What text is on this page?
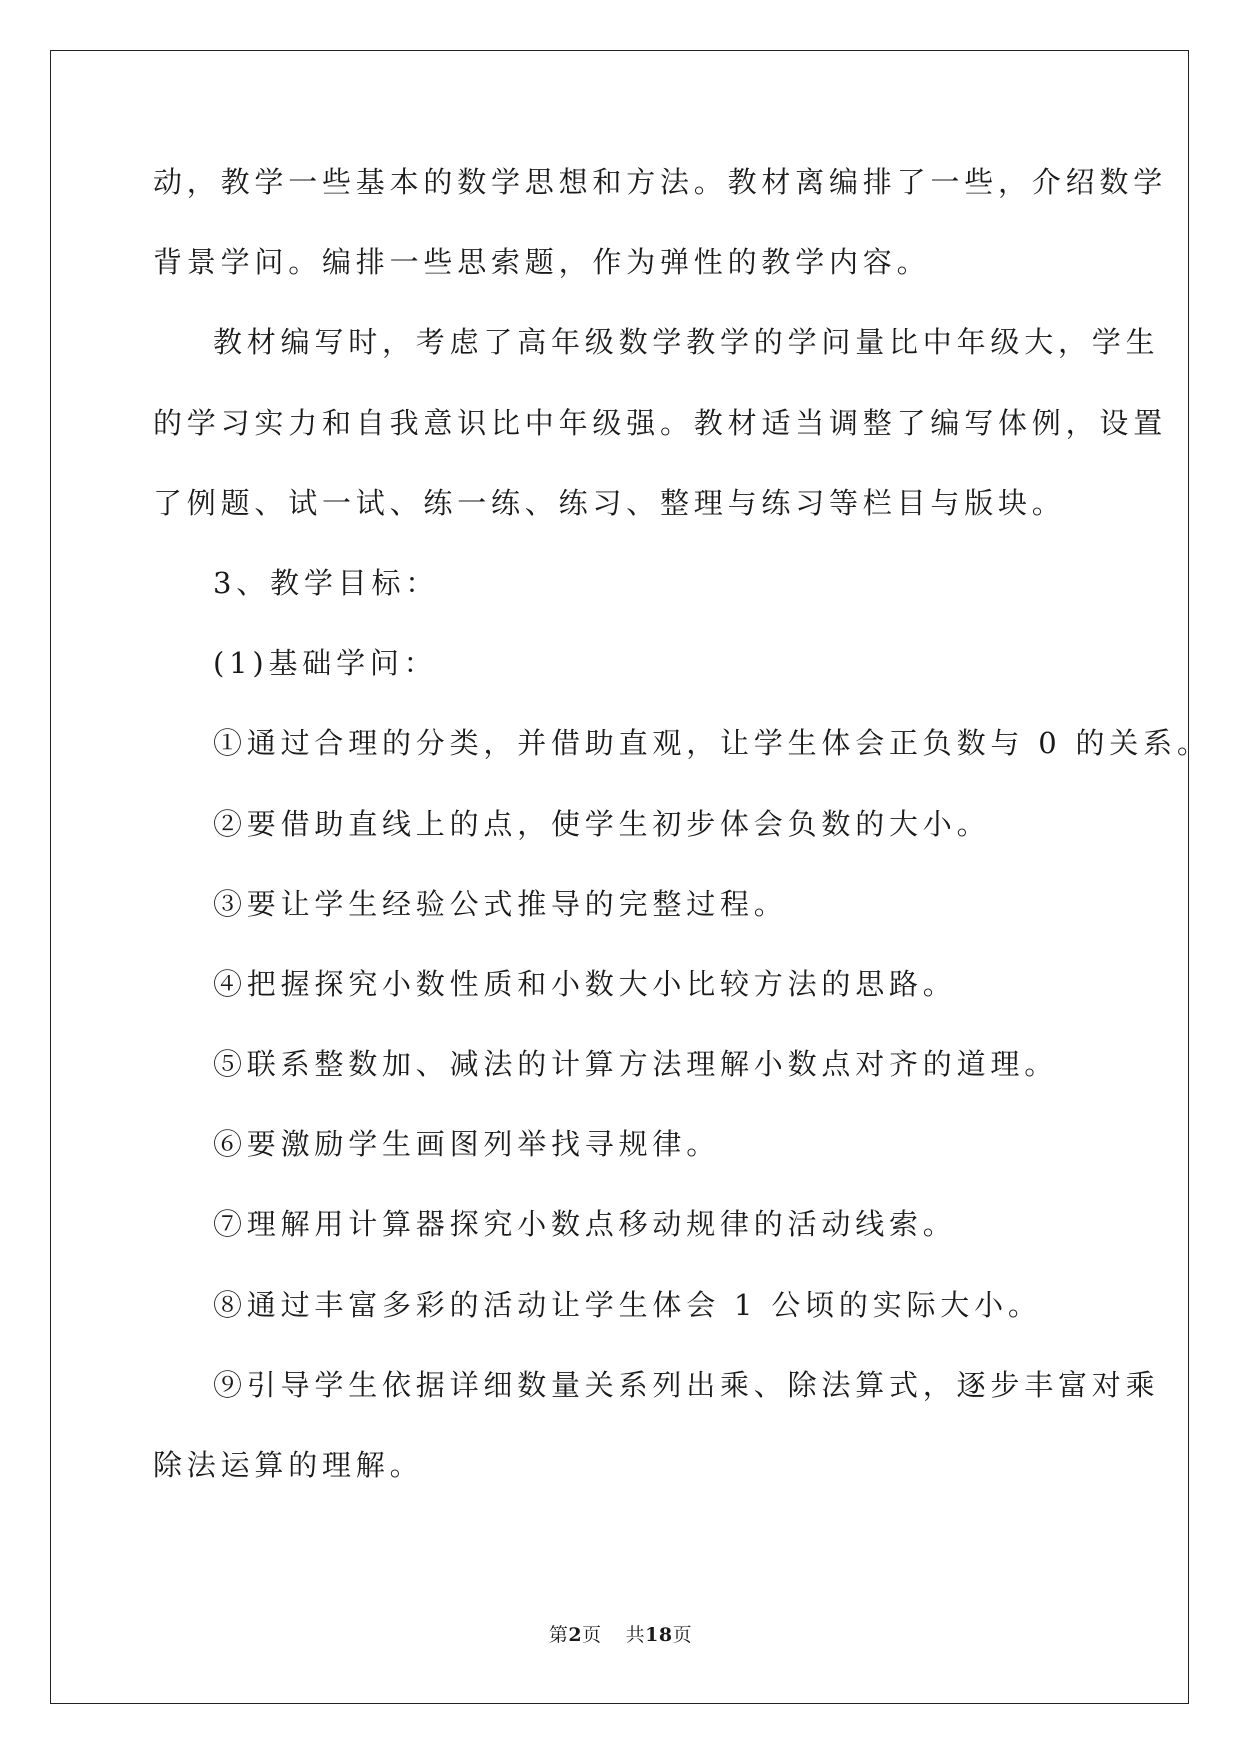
动，教学一些基本的数学思想和方法。教材离编排了一些，介绍数学
背景学问。编排一些思索题，作为弹性的教学内容。
教材编写时，考虑了高年级数学教学的学问量比中年级大，学生
的学习实力和自我意识比中年级强。教材适当调整了编写体例，设置
了例题、试一试、练一练、练习、整理与练习等栏目与版块。
3、教学目标：
(1)基础学问：
①通过合理的分类，并借助直观，让学生体会正负数与 0 的关系。
②要借助直线上的点，使学生初步体会负数的大小。
③要让学生经验公式推导的完整过程。
④把握探究小数性质和小数大小比较方法的思路。
⑤联系整数加、减法的计算方法理解小数点对齐的道理。
⑥要激励学生画图列举找寻规律。
⑦理解用计算器探究小数点移动规律的活动线索。
⑧通过丰富多彩的活动让学生体会 1 公顷的实际大小。
⑨引导学生依据详细数量关系列出乘、除法算式，逐步丰富对乘
除法运算的理解。
第2页 共18页
